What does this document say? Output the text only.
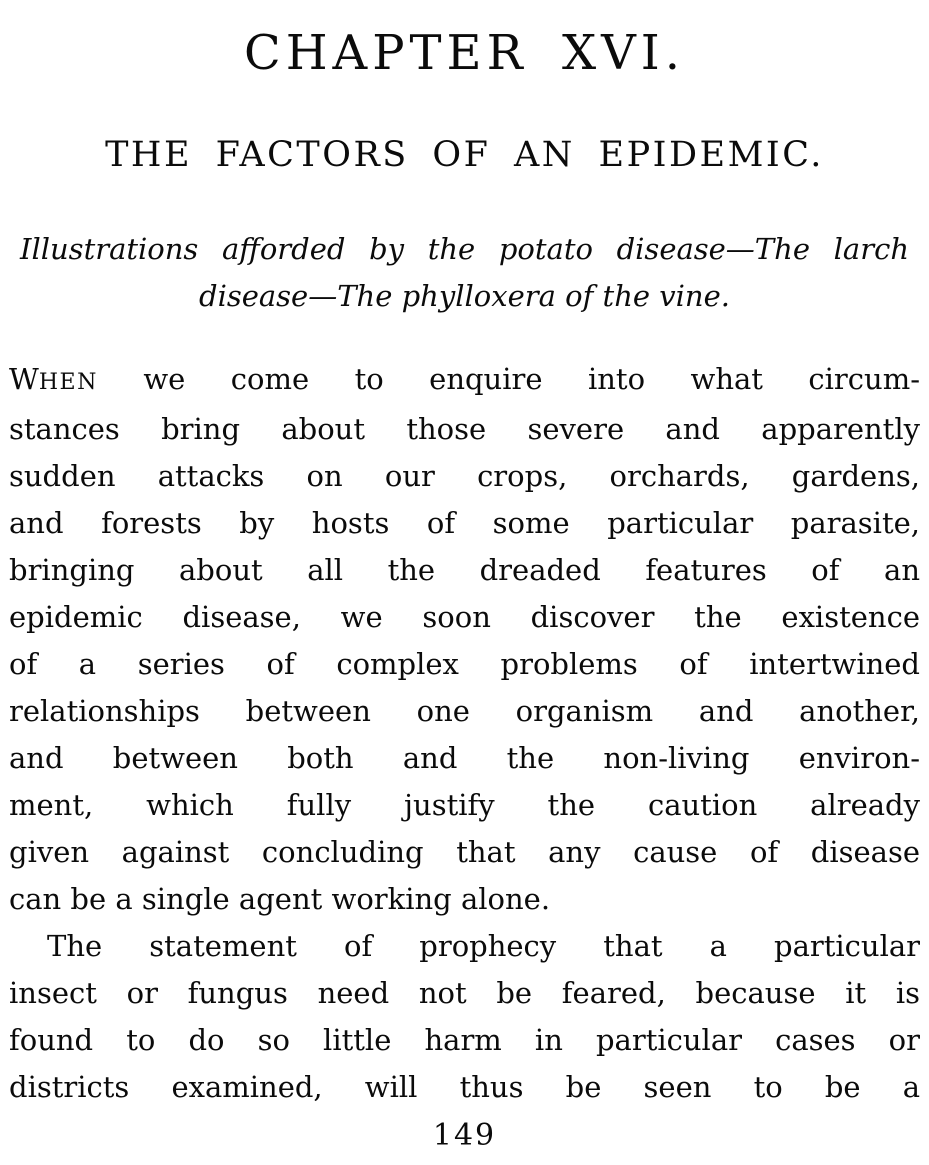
CHAPTER XVI.
THE FACTORS OF AN EPIDEMIC.
Illustrations afforded by the potato disease—The larch
disease—The phylloxera of the vine.
WHEN we come to enquire into what circum-
stances bring about those severe and apparently
sudden attacks on our crops, orchards, gardens,
and forests by hosts of some particular parasite,
bringing about all the dreaded features of an
epidemic disease, we soon discover the existence
of a series of complex problems of intertwined
relationships between one organism and another,
and between both and the non-living environ-
ment, which fully justify the caution already
given against concluding that any cause of disease
can be a single agent working alone.
The statement of prophecy that a particular
insect or fungus need not be feared, because it is
found to do so little harm in particular cases or
districts examined, will thus be seen to be a
149
